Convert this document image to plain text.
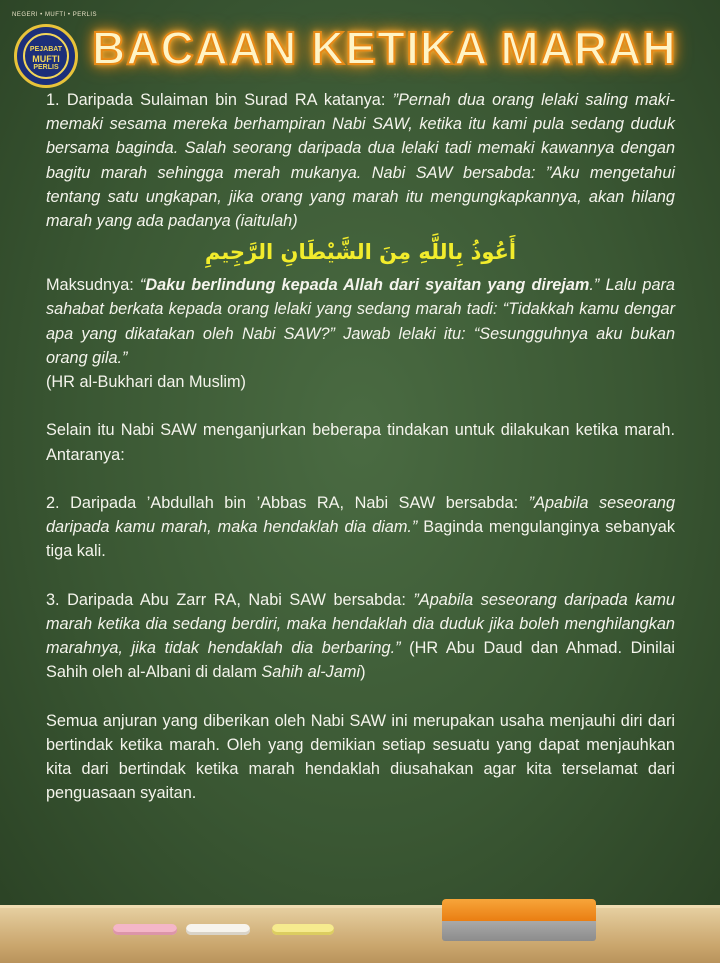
NEGERI • MUFTI • PERLIS
PEJABAT
MUFTI
PERLIS BACAAN KETIKA MARAH

1. Daripada Sulaiman bin Surad RA katanya: ”Pernah dua orang lelaki saling maki-memaki sesama mereka berhampiran Nabi SAW, ketika itu kami pula sedang duduk bersama baginda. Salah seorang daripada dua lelaki tadi memaki kawannya dengan bagitu marah sehingga merah mukanya. Nabi SAW bersabda: ”Aku mengetahui tentang satu ungkapan, jika orang yang marah itu mengungkapkannya, akan hilang marah yang ada padanya (iaitulah)

أَعُوذُ بِاللَّهِ مِنَ الشَّيْطَانِ الرَّجِيمِ

Maksudnya: “Daku berlindung kepada Allah dari syaitan yang direjam.” Lalu para sahabat berkata kepada orang lelaki yang sedang marah tadi: “Tidakkah kamu dengar apa yang dikatakan oleh Nabi SAW?” Jawab lelaki itu: “Sesungguhnya aku bukan orang gila.”

(HR al-Bukhari dan Muslim)

Selain itu Nabi SAW menganjurkan beberapa tindakan untuk dilakukan ketika marah. Antaranya:

2. Daripada ’Abdullah bin ’Abbas RA, Nabi SAW bersabda: ”Apabila seseorang daripada kamu marah, maka hendaklah dia diam.” Baginda mengulanginya sebanyak tiga kali.

3. Daripada Abu Zarr RA, Nabi SAW bersabda: ”Apabila seseorang daripada kamu marah ketika dia sedang berdiri, maka hendaklah dia duduk jika boleh menghilangkan marahnya, jika tidak hendaklah dia berbaring.” (HR Abu Daud dan Ahmad. Dinilai Sahih oleh al-Albani di dalam Sahih al-Jami)

Semua anjuran yang diberikan oleh Nabi SAW ini merupakan usaha menjauhi diri dari bertindak ketika marah. Oleh yang demikian setiap sesuatu yang dapat menjauhkan kita dari bertindak ketika marah hendaklah diusahakan agar kita terselamat dari penguasaan syaitan.
